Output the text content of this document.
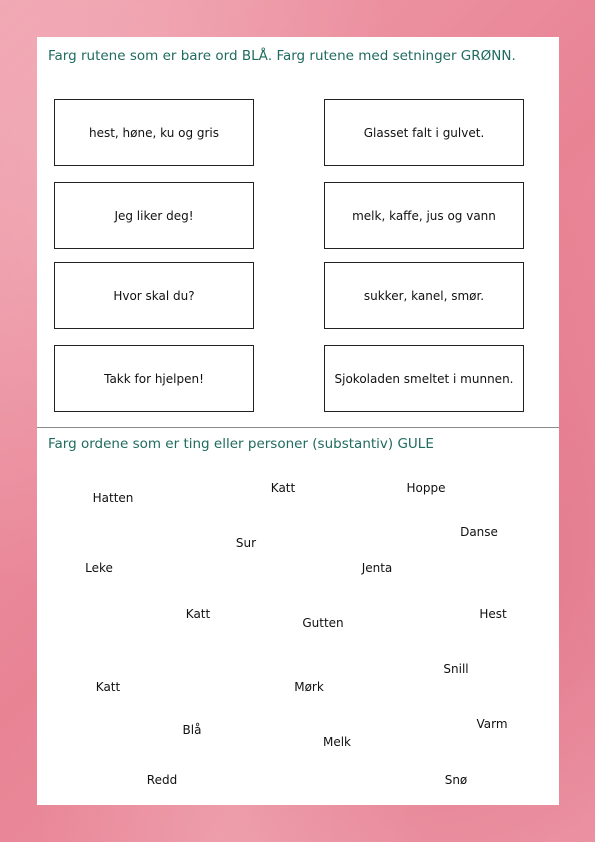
Farg rutene som er bare ord BLÅ. Farg rutene med setninger GRØNN.
hest, høne, ku og gris	Glasset falt i gulvet.
Jeg liker deg!	melk, kaffe, jus og vann
Hvor skal du?	sukker, kanel, smør.
Takk for hjelpen!	Sjokoladen smeltet i munnen.
Farg ordene som er ting eller personer (substantiv) GULE
Hatten
Katt	Hoppe
Danse
Sur
Leke	Jenta
Katt
Gutten
Hest
Snill
Katt	Mørk
Blå	Varm
Melk
Redd	Snø
